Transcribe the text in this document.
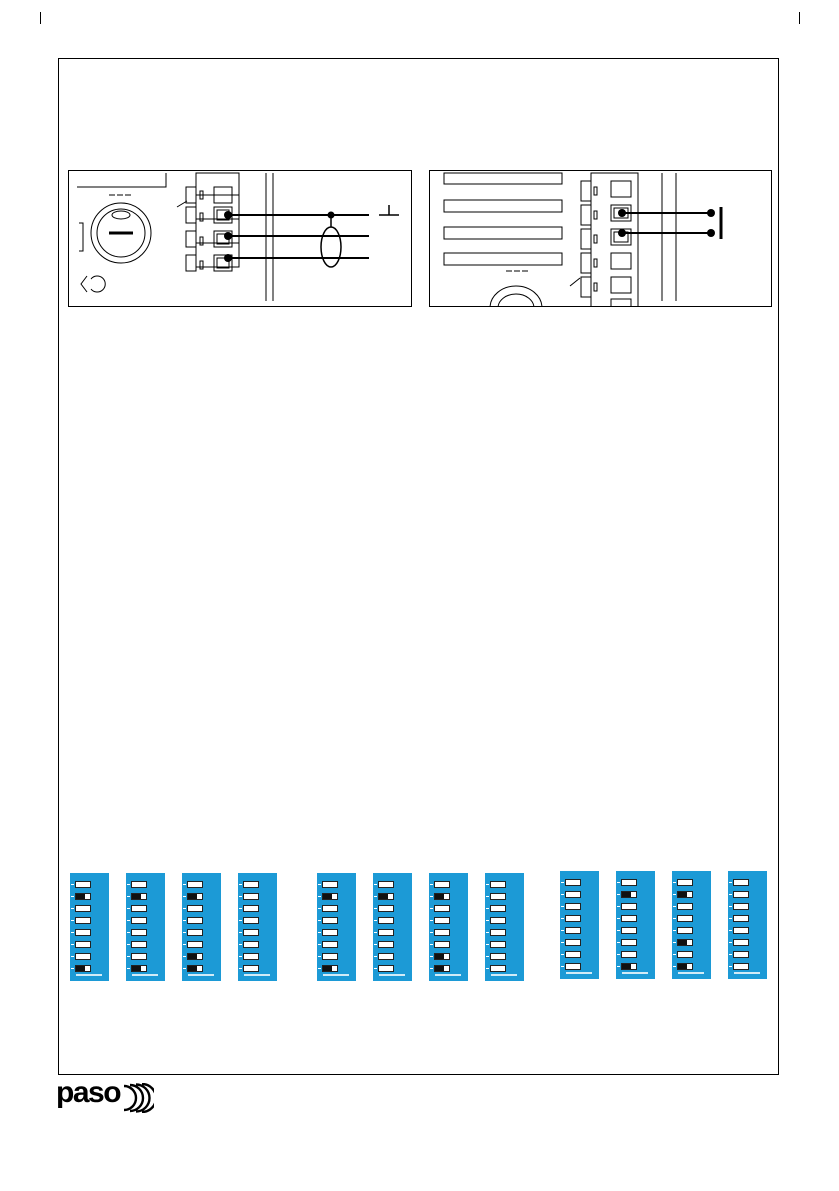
paso
